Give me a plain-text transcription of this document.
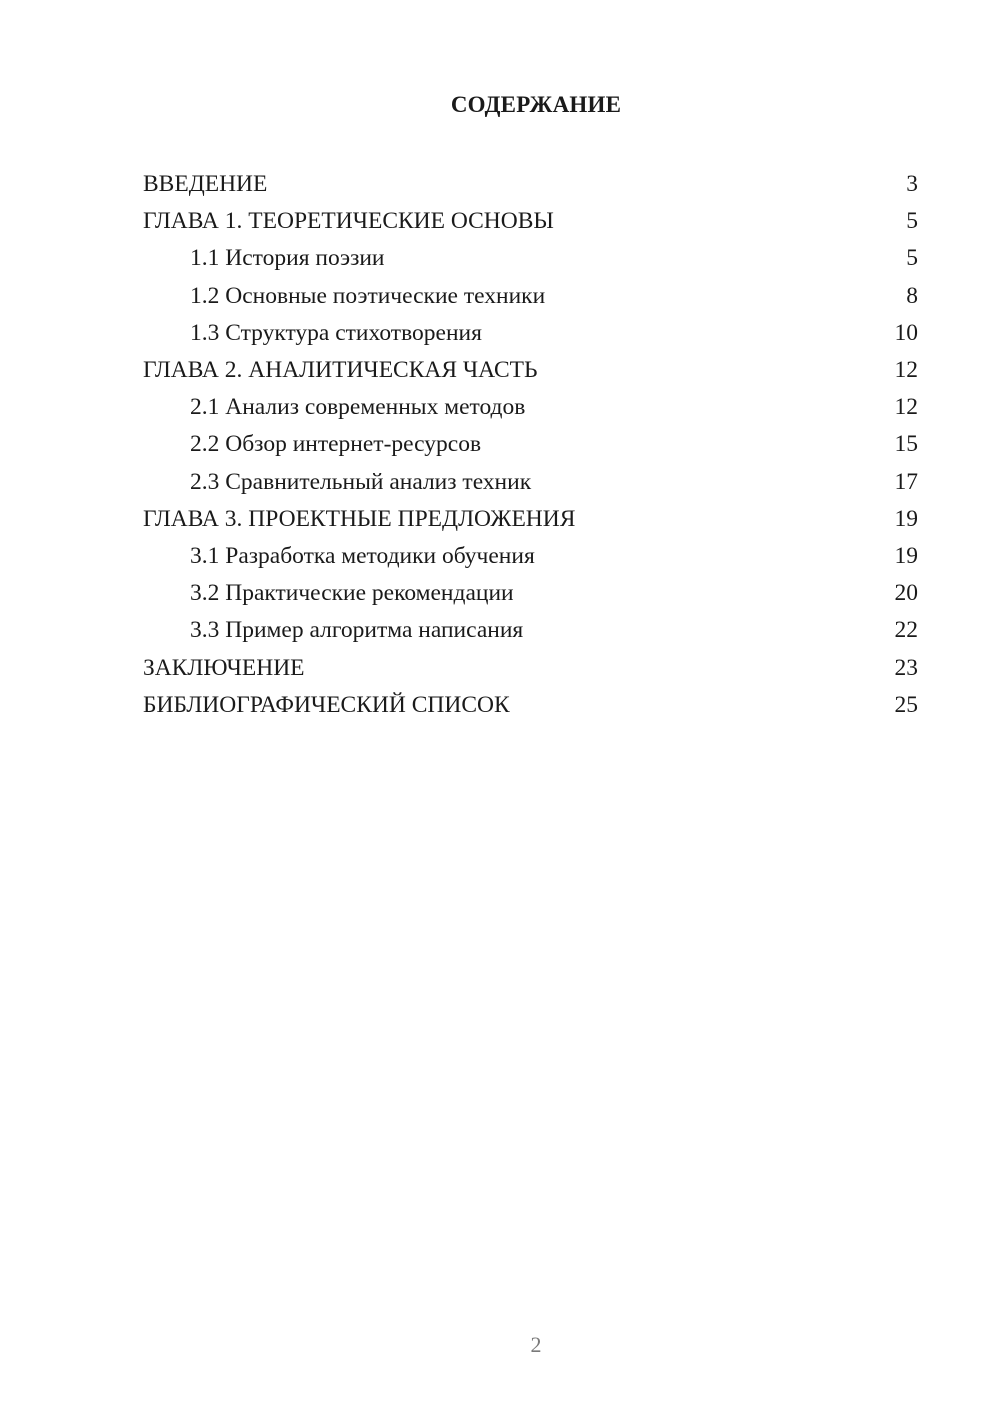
СОДЕРЖАНИЕ
ВВЕДЕНИЕ	3
ГЛАВА 1. ТЕОРЕТИЧЕСКИЕ ОСНОВЫ	5
1.1 История поэзии	5
1.2 Основные поэтические техники	8
1.3 Структура стихотворения	10
ГЛАВА 2. АНАЛИТИЧЕСКАЯ ЧАСТЬ	12
2.1 Анализ современных методов	12
2.2 Обзор интернет-ресурсов	15
2.3 Сравнительный анализ техник	17
ГЛАВА 3. ПРОЕКТНЫЕ ПРЕДЛОЖЕНИЯ	19
3.1 Разработка методики обучения	19
3.2 Практические рекомендации	20
3.3 Пример алгоритма написания	22
ЗАКЛЮЧЕНИЕ	23
БИБЛИОГРАФИЧЕСКИЙ СПИСОК	25
2
